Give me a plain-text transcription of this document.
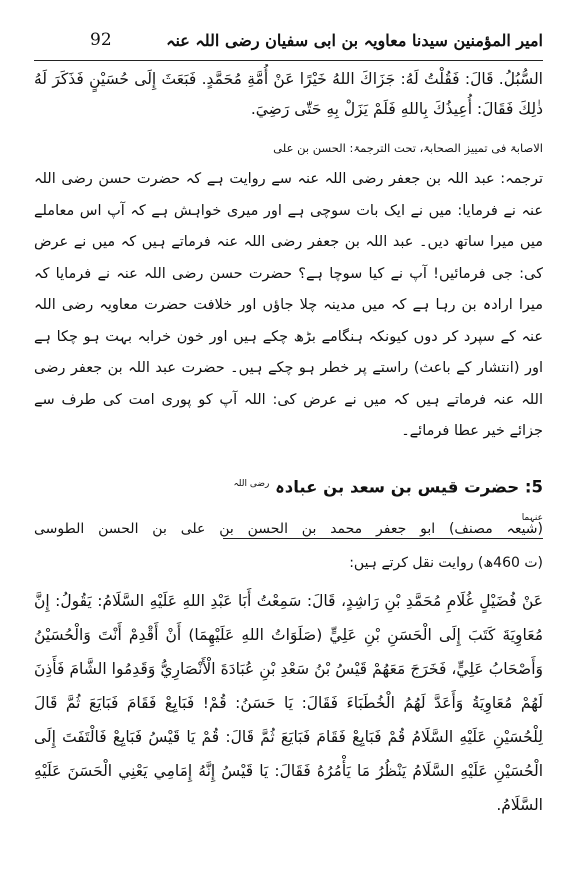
امیر المؤمنین سیدنا معاویہ بن ابی سفیان رضی اللہ عنہ
92

السُّبُلُ. قَالَ: فَقُلْتُ لَهُ: جَزَاكَ اللهُ خَيْرًا عَنْ أُمَّةِ مُحَمَّدٍ. فَبَعَثَ إِلَى حُسَيْنٍ فَذَكَرَ لَهُ ذٰلِكَ فَقَالَ: أُعِيذُكَ بِاللهِ فَلَمْ يَزَلْ بِهِ حَتّٰى رَضِيَ.

الاصابۃ فی تمییز الصحابۃ، تحت الترجمۃ: الحسن بن علی

ترجمہ: عبد اللہ بن جعفر رضی اللہ عنہ سے روایت ہے کہ حضرت حسن رضی اللہ عنہ نے فرمایا: میں نے ایک بات سوچی ہے اور میری خواہش ہے کہ آپ اس معاملے میں میرا ساتھ دیں۔ عبد اللہ بن جعفر رضی اللہ عنہ فرماتے ہیں کہ میں نے عرض کی: جی فرمائیں! آپ نے کیا سوچا ہے؟ حضرت حسن رضی اللہ عنہ نے فرمایا کہ میرا ارادہ بن رہا ہے کہ میں مدینہ چلا جاؤں اور خلافت حضرت معاویہ رضی اللہ عنہ کے سپرد کر دوں کیونکہ ہنگامے بڑھ چکے ہیں اور خون خرابہ بہت ہو چکا ہے اور (انتشار کے باعث) راستے پر خطر ہو چکے ہیں۔ حضرت عبد اللہ بن جعفر رضی اللہ عنہ فرماتے ہیں کہ میں نے عرض کی: اللہ آپ کو پوری امت کی طرف سے جزائے خیر عطا فرمائے۔

5: حضرت قیس بن سعد بن عبادہ $^{رضی اللہ عنہما}$
(شیعہ مصنف) ابو جعفر محمد بن الحسن بن علی بن الحسن الطوسی
(ت 460ھ) روایت نقل کرتے ہیں:

عَنْ فُضَيْلٍ غُلَامِ مُحَمَّدِ بْنِ رَاشِدٍ، قَالَ: سَمِعْتُ أَبَا عَبْدِ اللهِ عَلَيْهِ السَّلَامُ: يَقُولُ: إِنَّ مُعَاوِيَةَ كَتَبَ إِلَى الْحَسَنِ بْنِ عَلِيٍّ (صَلَوَاتُ اللهِ عَلَيْهِمَا) أَنْ أَقْدِمْ أَنْتَ وَالْحُسَيْنُ وَأَصْحَابُ عَلِيٍّ، فَخَرَجَ مَعَهُمْ قَيْسُ بْنُ سَعْدِ بْنِ عُبَادَةَ الْأَنْصَارِيُّ وَقَدِمُوا الشَّامَ فَأَذِنَ لَهُمْ مُعَاوِيَةُ وَأَعَدَّ لَهُمُ الْخُطَبَاءَ فَقَالَ: يَا حَسَنُ: قُمْ! فَبَايِعْ فَقَامَ فَبَايَعَ ثُمَّ قَالَ لِلْحُسَيْنِ عَلَيْهِ السَّلَامُ قُمْ فَبَايِعْ فَقَامَ فَبَايَعَ ثُمَّ قَالَ: قُمْ يَا قَيْسُ فَبَايِعْ فَالْتَفَتَ إِلَى الْحُسَيْنِ عَلَيْهِ السَّلَامُ يَنْظُرُ مَا يَأْمُرُهُ فَقَالَ: يَا قَيْسُ إِنَّهُ إِمَامِي يَعْنِي الْحَسَنَ عَلَيْهِ السَّلَامُ.
